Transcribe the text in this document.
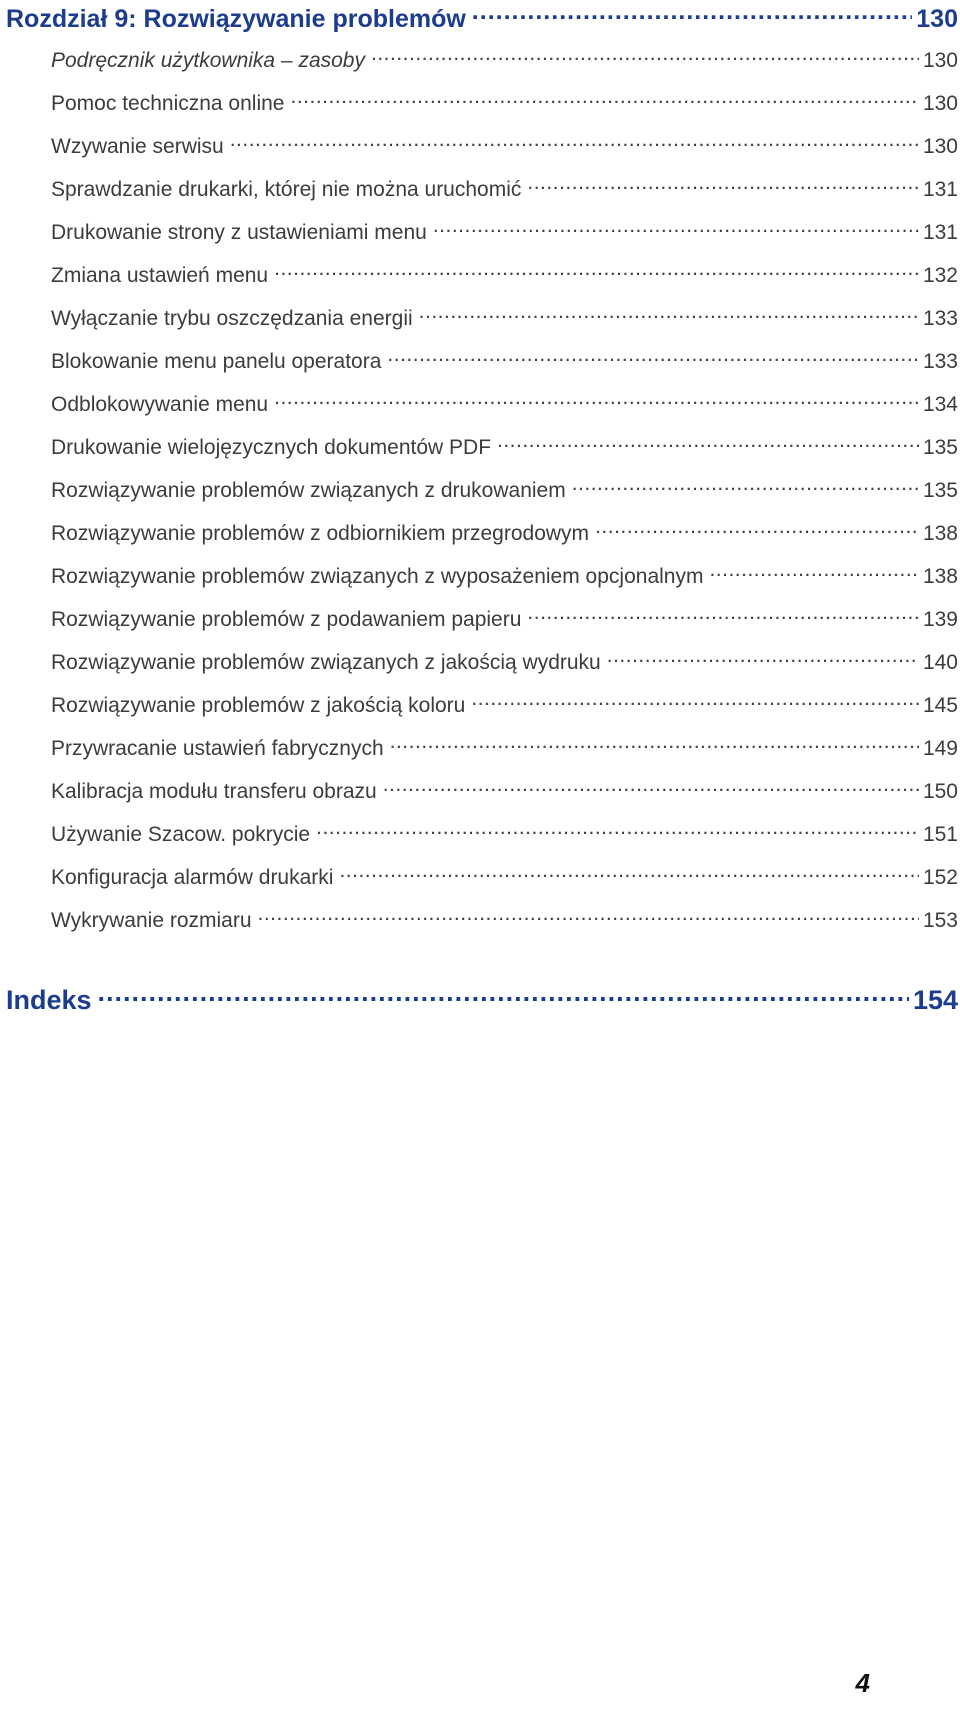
Rozdział 9: Rozwiązywanie problemów .....	130
Podręcznik użytkownika – zasoby .....	130
Pomoc techniczna online .....	130
Wzywanie serwisu .....	130
Sprawdzanie drukarki, której nie można uruchomić .....	131
Drukowanie strony z ustawieniami menu .....	131
Zmiana ustawień menu .....	132
Wyłączanie trybu oszczędzania energii .....	133
Blokowanie menu panelu operatora .....	133
Odblokowywanie menu .....	134
Drukowanie wielojęzycznych dokumentów PDF .....	135
Rozwiązywanie problemów związanych z drukowaniem .....	135
Rozwiązywanie problemów z odbiornikiem przegrodowym .....	138
Rozwiązywanie problemów związanych z wyposażeniem opcjonalnym .....	138
Rozwiązywanie problemów z podawaniem papieru .....	139
Rozwiązywanie problemów związanych z jakością wydruku .....	140
Rozwiązywanie problemów z jakością koloru .....	145
Przywracanie ustawień fabrycznych .....	149
Kalibracja modułu transferu obrazu .....	150
Używanie Szacow. pokrycie .....	151
Konfiguracja alarmów drukarki .....	152
Wykrywanie rozmiaru .....	153
Indeks .....	154
4
